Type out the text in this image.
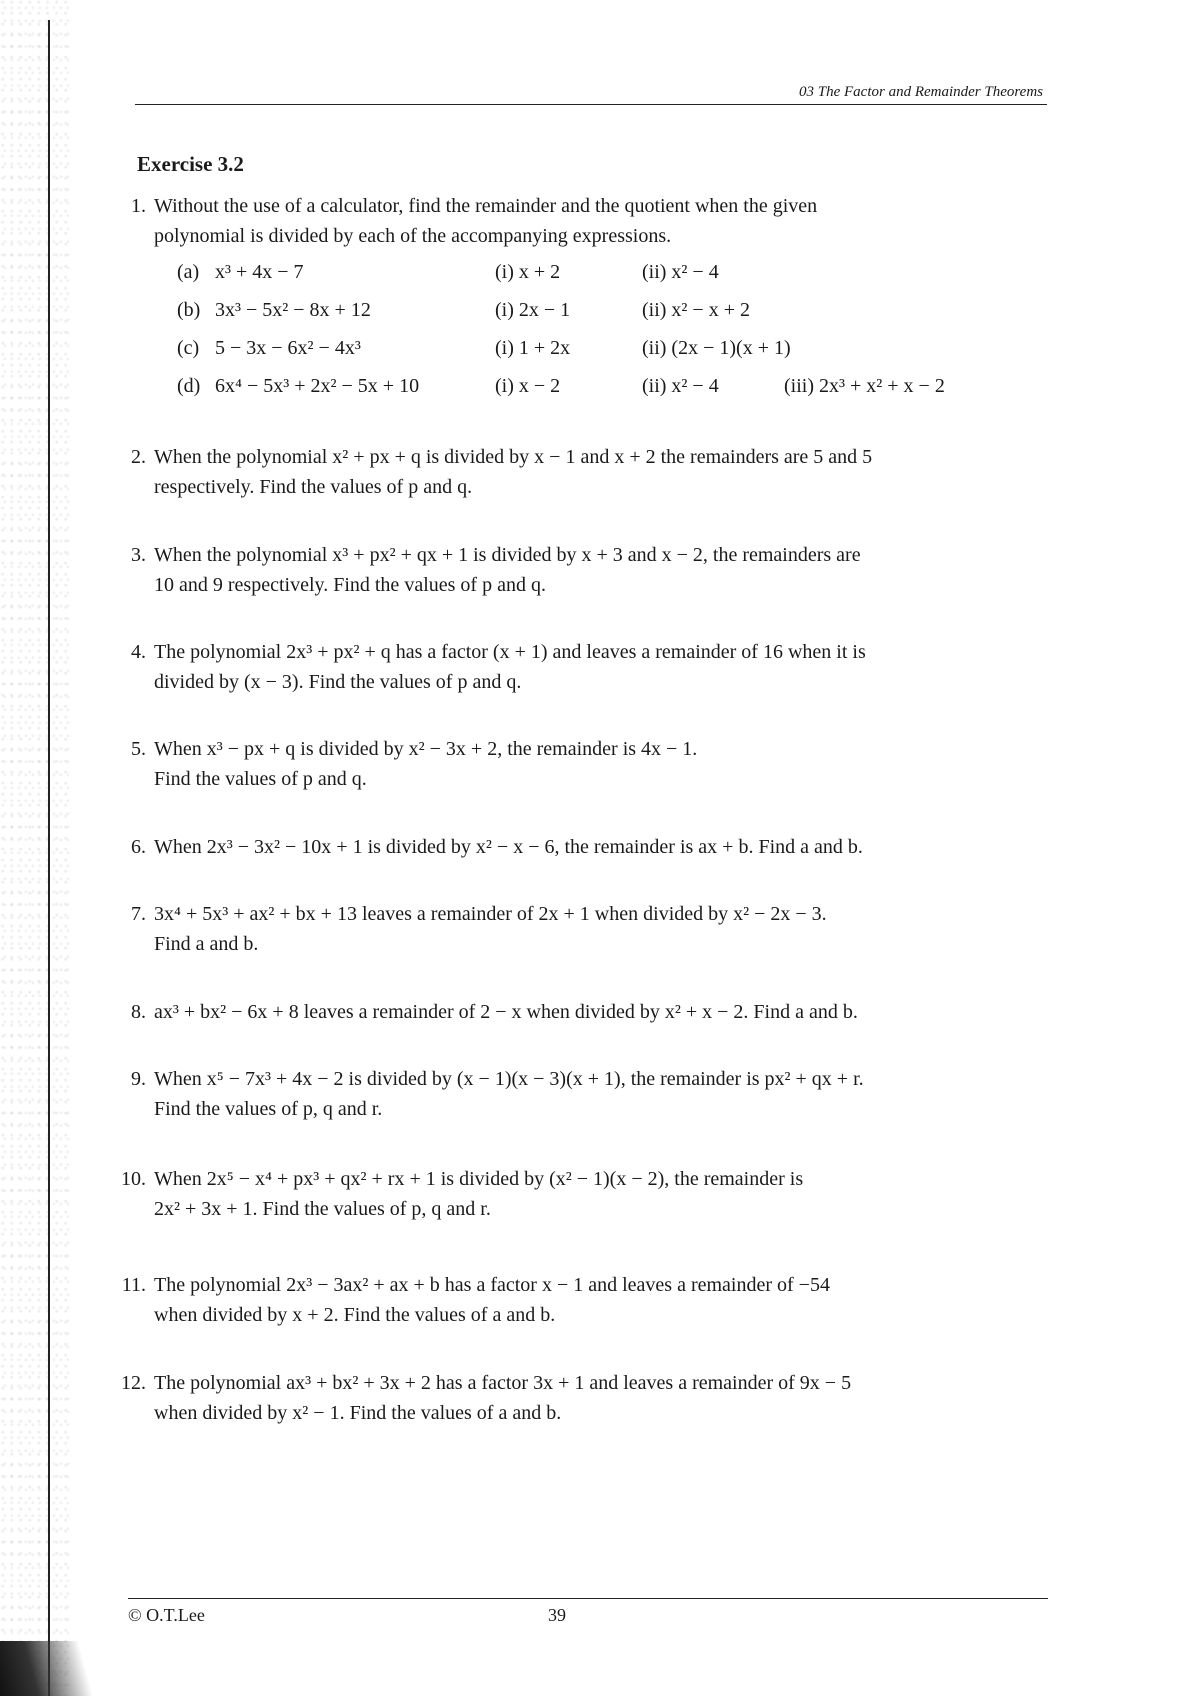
03 The Factor and Remainder Theorems
Exercise 3.2
1. Without the use of a calculator, find the remainder and the quotient when the given
polynomial is divided by each of the accompanying expressions.
(a) x³ + 4x − 7	(i) x + 2	(ii) x² − 4
(b) 3x³ − 5x² − 8x + 12	(i) 2x − 1	(ii) x² − x + 2
(c) 5 − 3x − 6x² − 4x³	(i) 1 + 2x	(ii) (2x − 1)(x + 1)
(d) 6x⁴ − 5x³ + 2x² − 5x + 10	(i) x − 2	(ii) x² − 4	(iii) 2x³ + x² + x − 2
2. When the polynomial x² + px + q is divided by x − 1 and x + 2 the remainders are 5 and 5
respectively. Find the values of p and q.
3. When the polynomial x³ + px² + qx + 1 is divided by x + 3 and x − 2, the remainders are
10 and 9 respectively. Find the values of p and q.
4. The polynomial 2x³ + px² + q has a factor (x + 1) and leaves a remainder of 16 when it is
divided by (x − 3). Find the values of p and q.
5. When x³ − px + q is divided by x² − 3x + 2, the remainder is 4x − 1.
Find the values of p and q.
6. When 2x³ − 3x² − 10x + 1 is divided by x² − x − 6, the remainder is ax + b. Find a and b.
7. 3x⁴ + 5x³ + ax² + bx + 13 leaves a remainder of 2x + 1 when divided by x² − 2x − 3.
Find a and b.
8. ax³ + bx² − 6x + 8 leaves a remainder of 2 − x when divided by x² + x − 2. Find a and b.
9. When x⁵ − 7x³ + 4x − 2 is divided by (x − 1)(x − 3)(x + 1), the remainder is px² + qx + r.
Find the values of p, q and r.
10. When 2x⁵ − x⁴ + px³ + qx² + rx + 1 is divided by (x² − 1)(x − 2), the remainder is
2x² + 3x + 1. Find the values of p, q and r.
11. The polynomial 2x³ − 3ax² + ax + b has a factor x − 1 and leaves a remainder of −54
when divided by x + 2. Find the values of a and b.
12. The polynomial ax³ + bx² + 3x + 2 has a factor 3x + 1 and leaves a remainder of 9x − 5
when divided by x² − 1. Find the values of a and b.
© O.T.Lee	39
